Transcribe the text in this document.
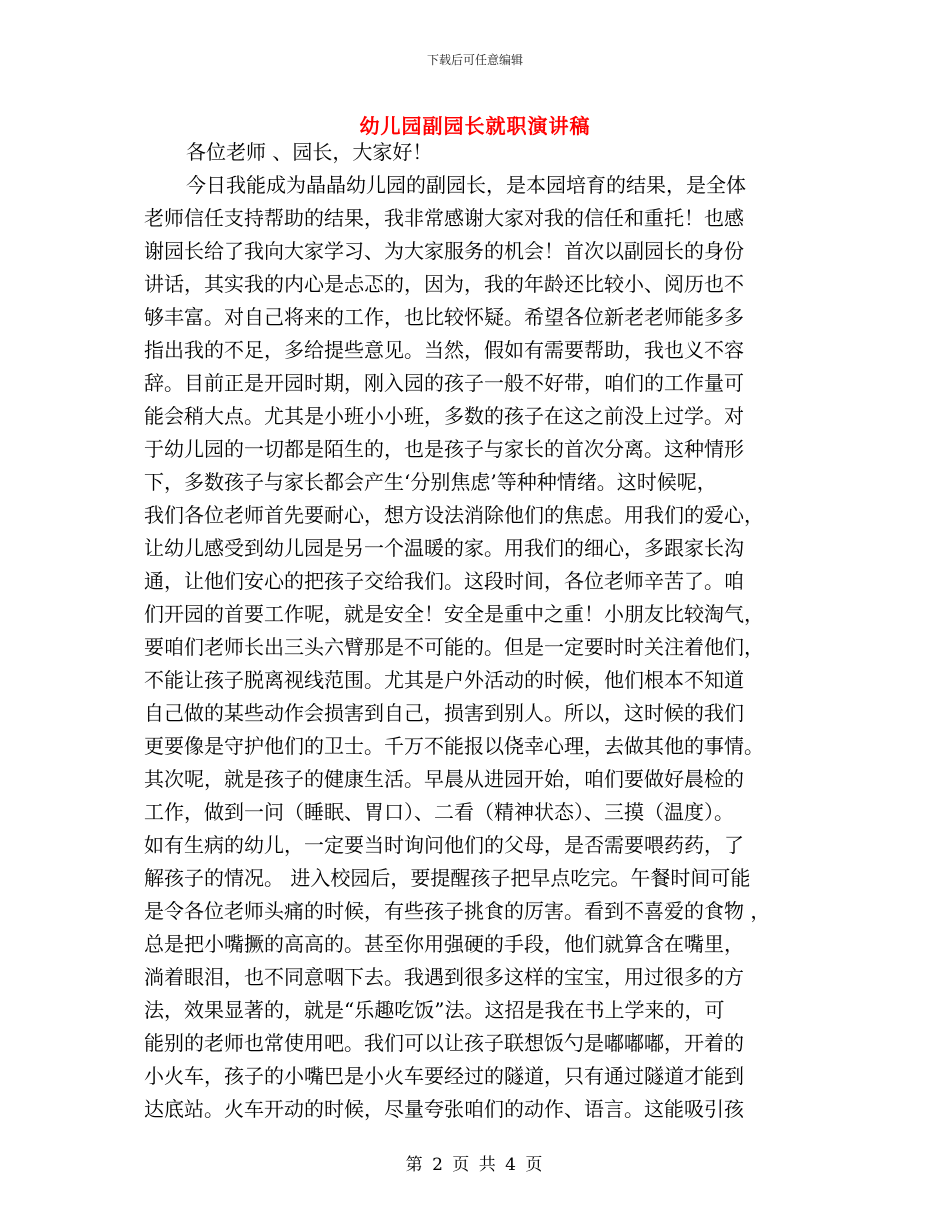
下载后可任意编辑
幼儿园副园长就职演讲稿
各位老师 、园长，大家好！
今日我能成为晶晶幼儿园的副园长，是本园培育的结果，是全体
老师信任支持帮助的结果，我非常感谢大家对我的信任和重托！也感
谢园长给了我向大家学习、为大家服务的机会！首次以副园长的身份
讲话，其实我的内心是忐忑的，因为，我的年龄还比较小、阅历也不
够丰富。对自己将来的工作，也比较怀疑。希望各位新老老师能多多
指出我的不足，多给提些意见。当然，假如有需要帮助，我也义不容
辞。目前正是开园时期，刚入园的孩子一般不好带，咱们的工作量可
能会稍大点。尤其是小班小小班，多数的孩子在这之前没上过学。对
于幼儿园的一切都是陌生的，也是孩子与家长的首次分离。这种情形
下，多数孩子与家长都会产生‘分别焦虑’等种种情绪。这时候呢，
我们各位老师首先要耐心，想方设法消除他们的焦虑。用我们的爱心，
让幼儿感受到幼儿园是另一个温暖的家。用我们的细心，多跟家长沟
通，让他们安心的把孩子交给我们。这段时间，各位老师辛苦了。咱
们开园的首要工作呢，就是安全！安全是重中之重！小朋友比较淘气，
要咱们老师长出三头六臂那是不可能的。但是一定要时时关注着他们，
不能让孩子脱离视线范围。尤其是户外活动的时候，他们根本不知道
自己做的某些动作会损害到自己，损害到别人。所以，这时候的我们
更要像是守护他们的卫士。千万不能报以侥幸心理，去做其他的事情。
其次呢，就是孩子的健康生活。早晨从进园开始，咱们要做好晨检的
工作，做到一问（睡眠、胃口）、二看（精神状态）、三摸（温度）。
如有生病的幼儿，一定要当时询问他们的父母，是否需要喂药药，了
解孩子的情况。 进入校园后，要提醒孩子把早点吃完。午餐时间可能
是令各位老师头痛的时候，有些孩子挑食的厉害。看到不喜爱的食物 ，
总是把小嘴撅的高高的。甚至你用强硬的手段，他们就算含在嘴里，
淌着眼泪，也不同意咽下去。我遇到很多这样的宝宝，用过很多的方
法，效果显著的，就是“乐趣吃饭”法。这招是我在书上学来的，可
能别的老师也常使用吧。我们可以让孩子联想饭勺是嘟嘟嘟，开着的
小火车，孩子的小嘴巴是小火车要经过的隧道，只有通过隧道才能到
达底站。火车开动的时候，尽量夸张咱们的动作、语言。这能吸引孩
第 2 页 共 4 页
